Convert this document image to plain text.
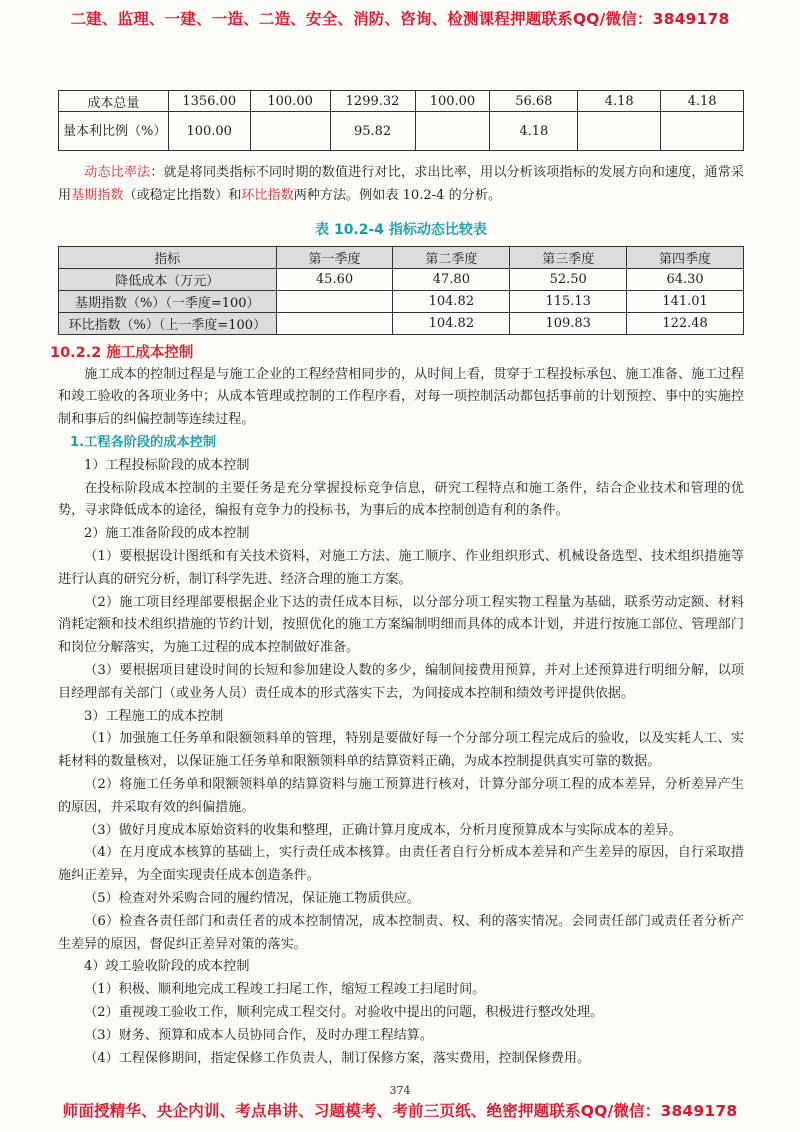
二建、监理、一建、一造、二造、安全、消防、咨询、检测课程押题联系QQ/微信：3849178
成本总量	1356.00	100.00	1299.32	100.00	56.68	4.18	4.18
量本利比例（%）	100.00		95.82		4.18		

动态比率法：就是将同类指标不同时期的数值进行对比，求出比率，用以分析该项指标的发展方向和速度，通常采用基期指数（或稳定比指数）和环比指数两种方法。例如表 10.2-4 的分析。

表 10.2-4 指标动态比较表
指标	第一季度	第二季度	第三季度	第四季度
降低成本（万元）	45.60	47.80	52.50	64.30
基期指数（%）（一季度=100）		104.82	115.13	141.01
环比指数（%）（上一季度=100）		104.82	109.83	122.48
10.2.2 施工成本控制

施工成本的控制过程是与施工企业的工程经营相同步的，从时间上看，贯穿于工程投标承包、施工准备、施工过程和竣工验收的各项业务中；从成本管理或控制的工作程序看，对每一项控制活动都包括事前的计划预控、事中的实施控制和事后的纠偏控制等连续过程。

1.工程各阶段的成本控制

1）工程投标阶段的成本控制

在投标阶段成本控制的主要任务是充分掌握投标竞争信息，研究工程特点和施工条件，结合企业技术和管理的优势，寻求降低成本的途径，编报有竞争力的投标书，为事后的成本控制创造有利的条件。

2）施工准备阶段的成本控制

（1）要根据设计图纸和有关技术资料，对施工方法、施工顺序、作业组织形式、机械设备选型、技术组织措施等进行认真的研究分析，制订科学先进、经济合理的施工方案。

（2）施工项目经理部要根据企业下达的责任成本目标，以分部分项工程实物工程量为基础，联系劳动定额、材料消耗定额和技术组织措施的节约计划，按照优化的施工方案编制明细而具体的成本计划，并进行按施工部位、管理部门和岗位分解落实，为施工过程的成本控制做好准备。

（3）要根据项目建设时间的长短和参加建设人数的多少，编制间接费用预算，并对上述预算进行明细分解，以项目经理部有关部门（或业务人员）责任成本的形式落实下去，为间接成本控制和绩效考评提供依据。

3）工程施工的成本控制

（1）加强施工任务单和限额领料单的管理，特别是要做好每一个分部分项工程完成后的验收，以及实耗人工、实耗材料的数量核对，以保证施工任务单和限额领料单的结算资料正确，为成本控制提供真实可靠的数据。

（2）将施工任务单和限额领料单的结算资料与施工预算进行核对，计算分部分项工程的成本差异，分析差异产生的原因，并采取有效的纠偏措施。

（3）做好月度成本原始资料的收集和整理，正确计算月度成本，分析月度预算成本与实际成本的差异。

（4）在月度成本核算的基础上，实行责任成本核算。由责任者自行分析成本差异和产生差异的原因，自行采取措施纠正差异，为全面实现责任成本创造条件。

（5）检查对外采购合同的履约情况，保证施工物质供应。

（6）检查各责任部门和责任者的成本控制情况，成本控制责、权、利的落实情况。会同责任部门或责任者分析产生差异的原因，督促纠正差异对策的落实。

4）竣工验收阶段的成本控制

（1）积极、顺利地完成工程竣工扫尾工作，缩短工程竣工扫尾时间。

（2）重视竣工验收工作，顺利完成工程交付。对验收中提出的问题，积极进行整改处理。

（3）财务、预算和成本人员协同合作，及时办理工程结算。

（4）工程保修期间，指定保修工作负责人，制订保修方案，落实费用，控制保修费用。

374
师面授精华、央企内训、考点串讲、习题模考、考前三页纸、绝密押题联系QQ/微信：3849178
